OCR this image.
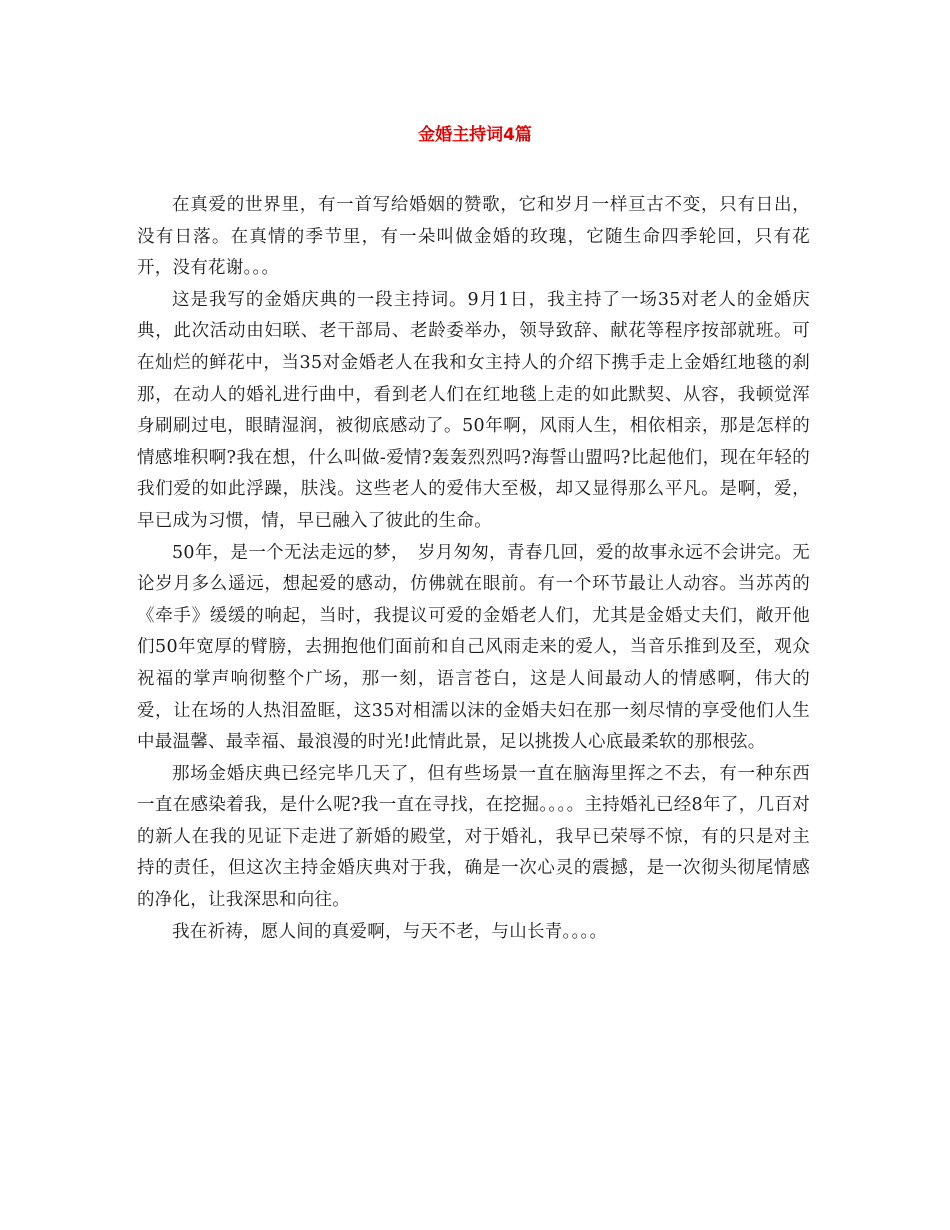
金婚主持词4篇

在真爱的世界里，有一首写给婚姻的赞歌，它和岁月一样亘古不变，只有日出，没有日落。在真情的季节里，有一朵叫做金婚的玫瑰，它随生命四季轮回，只有花开，没有花谢。。。

这是我写的金婚庆典的一段主持词。9月1日，我主持了一场35对老人的金婚庆典，此次活动由妇联、老干部局、老龄委举办，领导致辞、献花等程序按部就班。可在灿烂的鲜花中，当35对金婚老人在我和女主持人的介绍下携手走上金婚红地毯的刹那，在动人的婚礼进行曲中，看到老人们在红地毯上走的如此默契、从容，我顿觉浑身刷刷过电，眼睛湿润，被彻底感动了。50年啊，风雨人生，相依相亲，那是怎样的情感堆积啊?我在想，什么叫做-爱情?轰轰烈烈吗?海誓山盟吗?比起他们，现在年轻的我们爱的如此浮躁，肤浅。这些老人的爱伟大至极，却又显得那么平凡。是啊，爱，早已成为习惯，情，早已融入了彼此的生命。

50年，是一个无法走远的梦，　岁月匆匆，青春几回，爱的故事永远不会讲完。无论岁月多么遥远，想起爱的感动，仿佛就在眼前。有一个环节最让人动容。当苏芮的《牵手》缓缓的响起，当时，我提议可爱的金婚老人们，尤其是金婚丈夫们，敞开他们50年宽厚的臂膀，去拥抱他们面前和自己风雨走来的爱人，当音乐推到及至，观众祝福的掌声响彻整个广场，那一刻，语言苍白，这是人间最动人的情感啊，伟大的爱，让在场的人热泪盈眶，这35对相濡以沫的金婚夫妇在那一刻尽情的享受他们人生中最温馨、最幸福、最浪漫的时光!此情此景，足以挑拨人心底最柔软的那根弦。

那场金婚庆典已经完毕几天了，但有些场景一直在脑海里挥之不去，有一种东西一直在感染着我，是什么呢?我一直在寻找，在挖掘。。。。主持婚礼已经8年了，几百对的新人在我的见证下走进了新婚的殿堂，对于婚礼，我早已荣辱不惊，有的只是对主持的责任，但这次主持金婚庆典对于我，确是一次心灵的震撼，是一次彻头彻尾情感的净化，让我深思和向往。

我在祈祷，愿人间的真爱啊，与天不老，与山长青。。。。
